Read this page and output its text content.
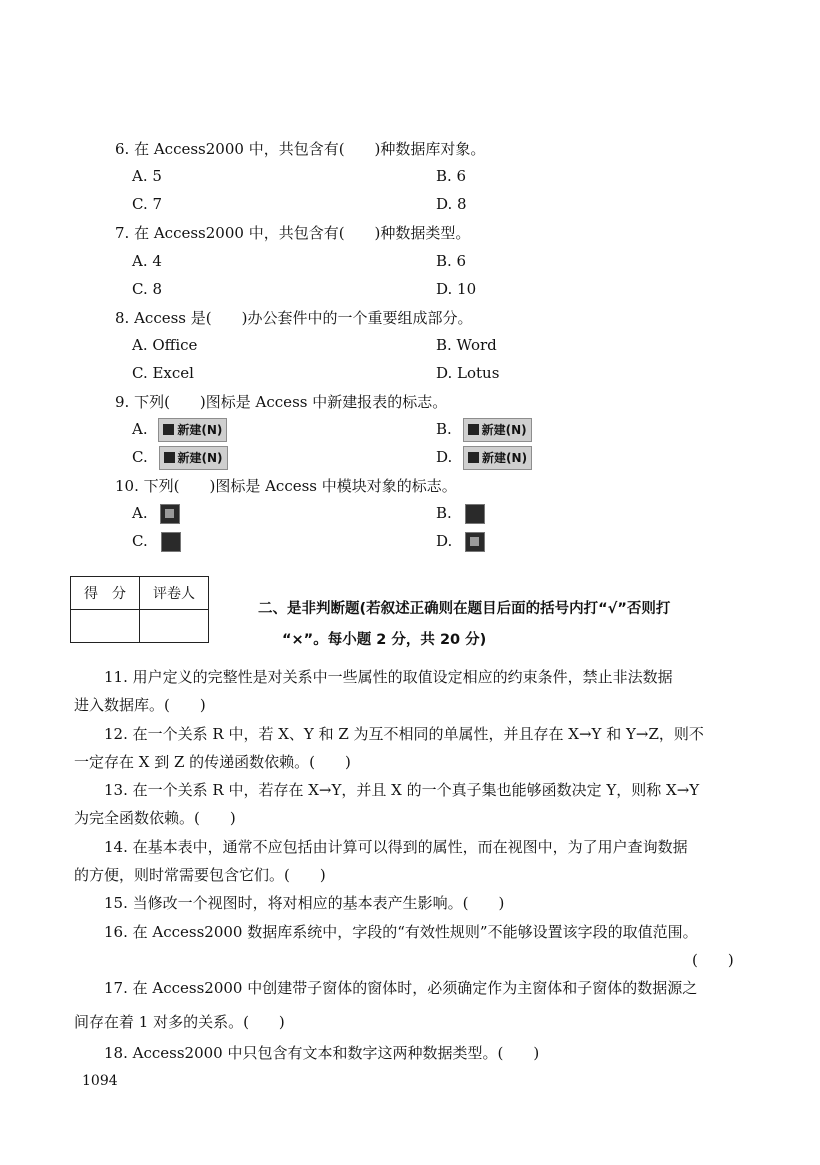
6. 在 Access2000 中，共包含有(　　)种数据库对象。
A. 5	B. 6
C. 7	D. 8
7. 在 Access2000 中，共包含有(　　)种数据类型。
A. 4	B. 6
C. 8	D. 10
8. Access 是(　　)办公套件中的一个重要组成部分。
A. Office	B. Word
C. Excel	D. Lotus
9. 下列(　　)图标是 Access 中新建报表的标志。
A. 新建(N)	B. 新建(N)
C. 新建(N)	D. 新建(N)
10. 下列(　　)图标是 Access 中模块对象的标志。
A.	B.
C.	D.
得　分	评卷人

二、是非判断题(若叙述正确则在题目后面的括号内打“√”否则打
“×”。每小题 2 分，共 20 分)
11. 用户定义的完整性是对关系中一些属性的取值设定相应的约束条件，禁止非法数据
进入数据库。(　　)
12. 在一个关系 R 中，若 X、Y 和 Z 为互不相同的单属性，并且存在 X→Y 和 Y→Z，则不
一定存在 X 到 Z 的传递函数依赖。(　　)
13. 在一个关系 R 中，若存在 X→Y，并且 X 的一个真子集也能够函数决定 Y，则称 X→Y
为完全函数依赖。(　　)
14. 在基本表中，通常不应包括由计算可以得到的属性，而在视图中，为了用户查询数据
的方便，则时常需要包含它们。(　　)
15. 当修改一个视图时，将对相应的基本表产生影响。(　　)
16. 在 Access2000 数据库系统中，字段的“有效性规则”不能够设置该字段的取值范围。
(　　)
17. 在 Access2000 中创建带子窗体的窗体时，必须确定作为主窗体和子窗体的数据源之
间存在着 1 对多的关系。(　　)
18. Access2000 中只包含有文本和数字这两种数据类型。(　　)
1094
